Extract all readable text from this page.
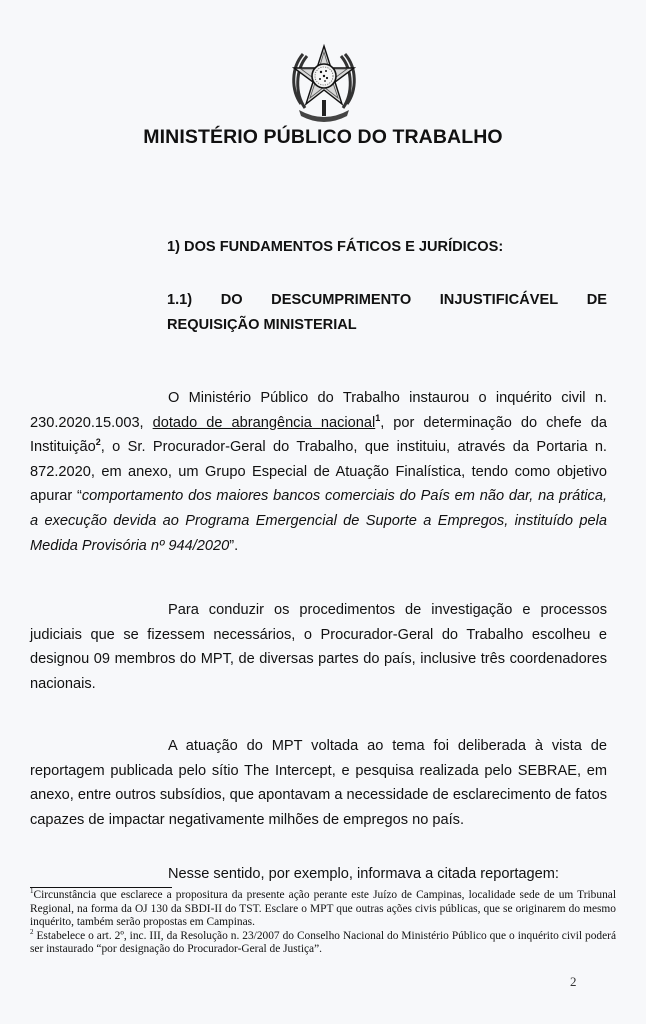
MINISTÉRIO PÚBLICO DO TRABALHO
1) DOS FUNDAMENTOS FÁTICOS E JURÍDICOS:
1.1) DO DESCUMPRIMENTO INJUSTIFICÁVEL DE
REQUISIÇÃO MINISTERIAL
O Ministério Público do Trabalho instaurou o inquérito civil n. 230.2020.15.003, dotado de abrangência nacional$^1$, por determinação do chefe da Instituição$^2$, o Sr. Procurador-Geral do Trabalho, que instituiu, através da Portaria n. 872.2020, em anexo, um Grupo Especial de Atuação Finalística, tendo como objetivo apurar “comportamento dos maiores bancos comerciais do País em não dar, na prática, a execução devida ao Programa Emergencial de Suporte a Empregos, instituído pela Medida Provisória nº 944/2020”.
Para conduzir os procedimentos de investigação e processos judiciais que se fizessem necessários, o Procurador-Geral do Trabalho escolheu e designou 09 membros do MPT, de diversas partes do país, inclusive três coordenadores nacionais.
A atuação do MPT voltada ao tema foi deliberada à vista de reportagem publicada pelo sítio The Intercept, e pesquisa realizada pelo SEBRAE, em anexo, entre outros subsídios, que apontavam a necessidade de esclarecimento de fatos capazes de impactar negativamente milhões de empregos no país.
Nesse sentido, por exemplo, informava a citada reportagem:

$^1$Circunstância que esclarece a propositura da presente ação perante este Juízo de Campinas, localidade sede de um Tribunal Regional, na forma da OJ 130 da SBDI-II do TST. Esclare o MPT que outras ações civis públicas, que se originarem do mesmo inquérito, também serão propostas em Campinas.

$^2$ Estabelece o art. 2º, inc. III, da Resolução n. 23/2007 do Conselho Nacional do Ministério Público que o inquérito civil poderá ser instaurado “por designação do Procurador-Geral de Justiça”.

2
